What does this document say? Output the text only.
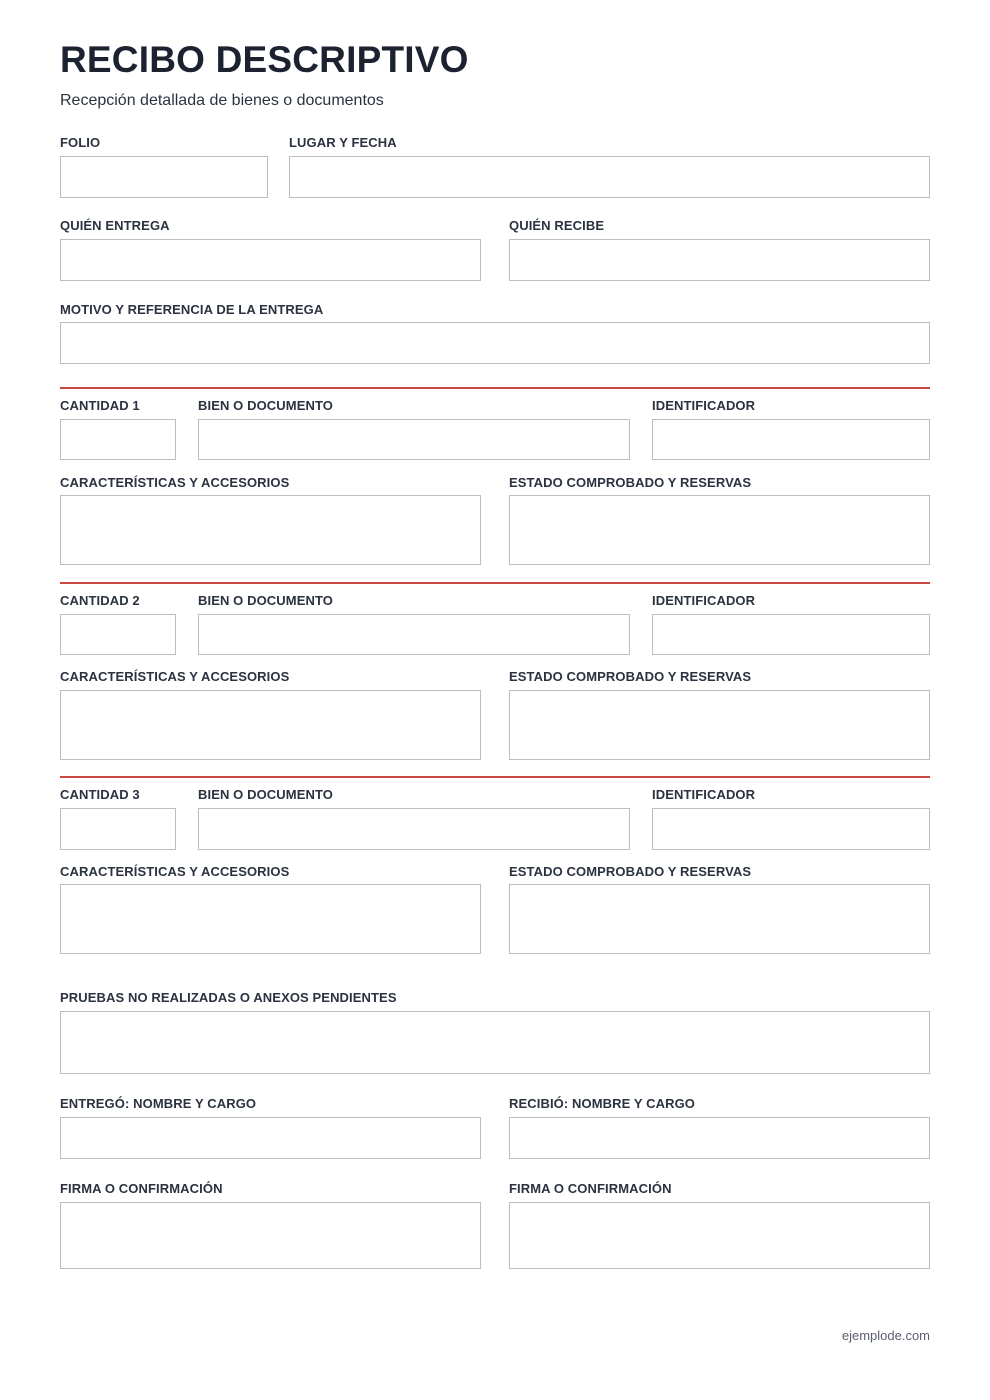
RECIBO DESCRIPTIVO
Recepción detallada de bienes o documentos
FOLIO	LUGAR Y FECHA
QUIÉN ENTREGA	QUIÉN RECIBE
MOTIVO Y REFERENCIA DE LA ENTREGA
CANTIDAD 1	BIEN O DOCUMENTO	IDENTIFICADOR
CARACTERÍSTICAS Y ACCESORIOS	ESTADO COMPROBADO Y RESERVAS
CANTIDAD 2	BIEN O DOCUMENTO	IDENTIFICADOR
CARACTERÍSTICAS Y ACCESORIOS	ESTADO COMPROBADO Y RESERVAS
CANTIDAD 3	BIEN O DOCUMENTO	IDENTIFICADOR
CARACTERÍSTICAS Y ACCESORIOS	ESTADO COMPROBADO Y RESERVAS
PRUEBAS NO REALIZADAS O ANEXOS PENDIENTES
ENTREGÓ: NOMBRE Y CARGO	RECIBIÓ: NOMBRE Y CARGO
FIRMA O CONFIRMACIÓN	FIRMA O CONFIRMACIÓN
ejemplode.com
